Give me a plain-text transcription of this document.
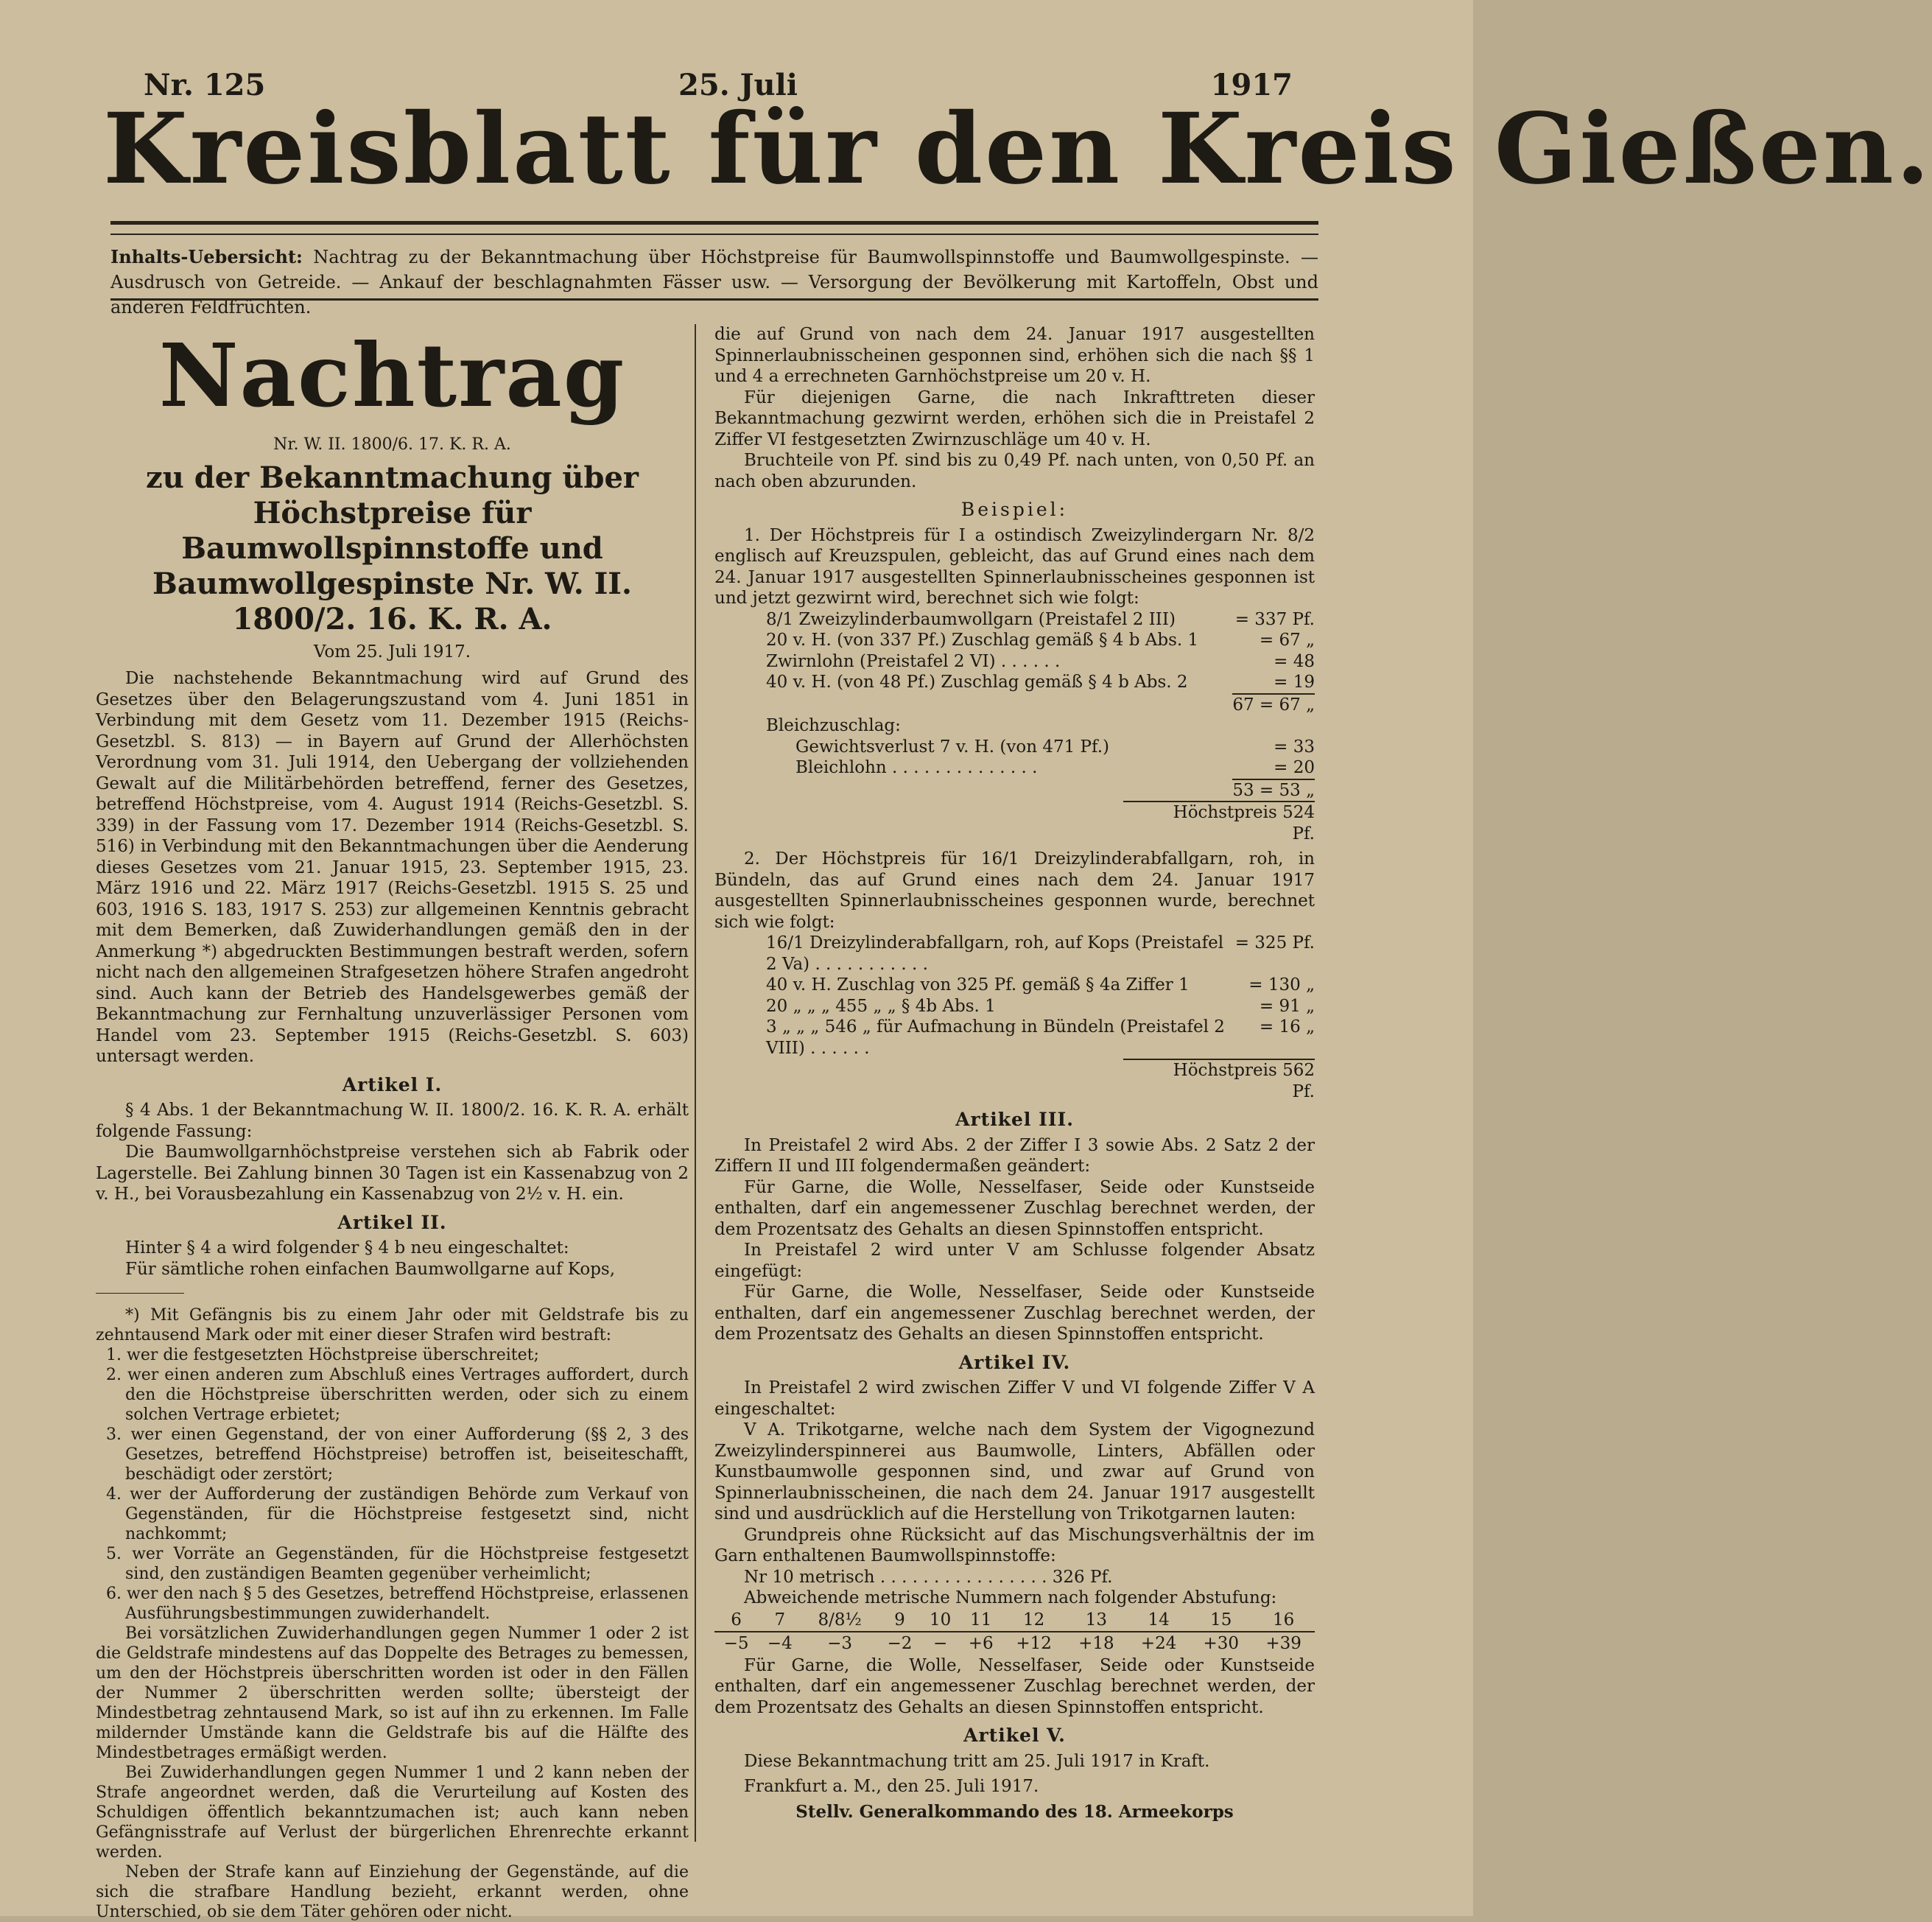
Nr. 125	25. Juli	1917
Kreisblatt für den Kreis Gießen.
Inhalts-Uebersicht: Nachtrag zu der Bekanntmachung über Höchstpreise für Baumwollspinnstoffe und Baumwollgespinste. — Ausdrusch von Getreide. — Ankauf der beschlagnahmten Fässer usw. — Versorgung der Bevölkerung mit Kartoffeln, Obst und anderen Feldfrüchten.
Nachtrag

Nr. W. II. 1800/6. 17. K. R. A.

zu der Bekanntmachung über Höchstpreise für Baumwollspinnstoffe und Baumwollgespinste Nr. W. II. 1800/2. 16. K. R. A.

Vom 25. Juli 1917.

Die nachstehende Bekanntmachung wird auf Grund des Gesetzes über den Belagerungszustand vom 4. Juni 1851 in Verbindung mit dem Gesetz vom 11. Dezember 1915 (Reichs-Gesetzbl. S. 813) — in Bayern auf Grund der Allerhöchsten Verordnung vom 31. Juli 1914, den Uebergang der vollziehenden Gewalt auf die Militärbehörden betreffend, ferner des Gesetzes, betreffend Höchstpreise, vom 4. August 1914 (Reichs-Gesetzbl. S. 339) in der Fassung vom 17. Dezember 1914 (Reichs-Gesetzbl. S. 516) in Verbindung mit den Bekanntmachungen über die Aenderung dieses Gesetzes vom 21. Januar 1915, 23. September 1915, 23. März 1916 und 22. März 1917 (Reichs-Gesetzbl. 1915 S. 25 und 603, 1916 S. 183, 1917 S. 253) zur allgemeinen Kenntnis gebracht mit dem Bemerken, daß Zuwiderhandlungen gemäß den in der Anmerkung *) abgedruckten Bestimmungen bestraft werden, sofern nicht nach den allgemeinen Strafgesetzen höhere Strafen angedroht sind. Auch kann der Betrieb des Handelsgewerbes gemäß der Bekanntmachung zur Fernhaltung unzuverlässiger Personen vom Handel vom 23. September 1915 (Reichs-Gesetzbl. S. 603) untersagt werden.

Artikel I.

§ 4 Abs. 1 der Bekanntmachung W. II. 1800/2. 16. K. R. A. erhält folgende Fassung:

Die Baumwollgarnhöchstpreise verstehen sich ab Fabrik oder Lagerstelle. Bei Zahlung binnen 30 Tagen ist ein Kassenabzug von 2 v. H., bei Vorausbezahlung ein Kassenabzug von 2½ v. H. ein.

Artikel II.

Hinter § 4 a wird folgender § 4 b neu eingeschaltet:

Für sämtliche rohen einfachen Baumwollgarne auf Kops,

*) Mit Gefängnis bis zu einem Jahr oder mit Geldstrafe bis zu zehntausend Mark oder mit einer dieser Strafen wird bestraft:

1. wer die festgesetzten Höchstpreise überschreitet;
2. wer einen anderen zum Abschluß eines Vertrages auffordert, durch den die Höchstpreise überschritten werden, oder sich zu einem solchen Vertrage erbietet;
3. wer einen Gegenstand, der von einer Aufforderung (§§ 2, 3 des Gesetzes, betreffend Höchstpreise) betroffen ist, beiseiteschafft, beschädigt oder zerstört;
4. wer der Aufforderung der zuständigen Behörde zum Verkauf von Gegenständen, für die Höchstpreise festgesetzt sind, nicht nachkommt;
5. wer Vorräte an Gegenständen, für die Höchstpreise festgesetzt sind, den zuständigen Beamten gegenüber verheimlicht;
6. wer den nach § 5 des Gesetzes, betreffend Höchstpreise, erlassenen Ausführungsbestimmungen zuwiderhandelt.

Bei vorsätzlichen Zuwiderhandlungen gegen Nummer 1 oder 2 ist die Geldstrafe mindestens auf das Doppelte des Betrages zu bemessen, um den der Höchstpreis überschritten worden ist oder in den Fällen der Nummer 2 überschritten werden sollte; übersteigt der Mindestbetrag zehntausend Mark, so ist auf ihn zu erkennen. Im Falle mildernder Umstände kann die Geldstrafe bis auf die Hälfte des Mindestbetrages ermäßigt werden.

Bei Zuwiderhandlungen gegen Nummer 1 und 2 kann neben der Strafe angeordnet werden, daß die Verurteilung auf Kosten des Schuldigen öffentlich bekanntzumachen ist; auch kann neben Gefängnisstrafe auf Verlust der bürgerlichen Ehrenrechte erkannt werden.

Neben der Strafe kann auf Einziehung der Gegenstände, auf die sich die strafbare Handlung bezieht, erkannt werden, ohne Unterschied, ob sie dem Täter gehören oder nicht.

die auf Grund von nach dem 24. Januar 1917 ausgestellten Spinnerlaubnisscheinen gesponnen sind, erhöhen sich die nach §§ 1 und 4 a errechneten Garnhöchstpreise um 20 v. H.

Für diejenigen Garne, die nach Inkrafttreten dieser Bekanntmachung gezwirnt werden, erhöhen sich die in Preistafel 2 Ziffer VI festgesetzten Zwirnzuschläge um 40 v. H.

Bruchteile von Pf. sind bis zu 0,49 Pf. nach unten, von 0,50 Pf. an nach oben abzurunden.

Beispiel:

1. Der Höchstpreis für I a ostindisch Zweizylindergarn Nr. 8/2 englisch auf Kreuzspulen, gebleicht, das auf Grund eines nach dem 24. Januar 1917 ausgestellten Spinnerlaubnisscheines gesponnen ist und jetzt gezwirnt wird, berechnet sich wie folgt:

8/1 Zweizylinderbaumwollgarn (Preistafel 2 III)	= 337 Pf.
20 v. H. (von 337 Pf.) Zuschlag gemäß § 4 b Abs. 1	= 67 „
Zwirnlohn (Preistafel 2 VI) . . . . . .	= 48
40 v. H. (von 48 Pf.) Zuschlag gemäß § 4 b Abs. 2	= 19
67 = 67 „

Bleichzuschlag:

Gewichtsverlust 7 v. H. (von 471 Pf.)	= 33
Bleichlohn . . . . . . . . . . . . . .	= 20
53 = 53 „

Höchstpreis 524 Pf.

2. Der Höchstpreis für 16/1 Dreizylinderabfallgarn, roh, in Bündeln, das auf Grund eines nach dem 24. Januar 1917 ausgestellten Spinnerlaubnisscheines gesponnen wurde, berechnet sich wie folgt:

16/1 Dreizylinderabfallgarn, roh, auf Kops (Preistafel 2 Va) . . . . . . . . . . .
= 325 Pf.
40 v. H. Zuschlag von 325 Pf. gemäß § 4a Ziffer 1	= 130 „
20 „ „ „ 455 „ „ § 4b Abs. 1	= 91 „
3 „ „ „ 546 „ für Aufmachung in Bündeln (Preistafel 2 VIII) . . . . . .
= 16 „

Höchstpreis 562 Pf.

Artikel III.

In Preistafel 2 wird Abs. 2 der Ziffer I 3 sowie Abs. 2 Satz 2 der Ziffern II und III folgendermaßen geändert:

Für Garne, die Wolle, Nesselfaser, Seide oder Kunstseide enthalten, darf ein angemessener Zuschlag berechnet werden, der dem Prozentsatz des Gehalts an diesen Spinnstoffen entspricht.

In Preistafel 2 wird unter V am Schlusse folgender Absatz eingefügt:

Für Garne, die Wolle, Nesselfaser, Seide oder Kunstseide enthalten, darf ein angemessener Zuschlag berechnet werden, der dem Prozentsatz des Gehalts an diesen Spinnstoffen entspricht.

Artikel IV.

In Preistafel 2 wird zwischen Ziffer V und VI folgende Ziffer V A eingeschaltet:

V A. Trikotgarne, welche nach dem System der Vigognezund Zweizylinderspinnerei aus Baumwolle, Linters, Abfällen oder Kunstbaumwolle gesponnen sind, und zwar auf Grund von Spinnerlaubnisscheinen, die nach dem 24. Januar 1917 ausgestellt sind und ausdrücklich auf die Herstellung von Trikotgarnen lauten:

Grundpreis ohne Rücksicht auf das Mischungsverhältnis der im Garn enthaltenen Baumwollspinnstoffe:

Nr 10 metrisch . . . . . . . . . . . . . . . . 326 Pf.

Abweichende metrische Nummern nach folgender Abstufung:

6	7	8/8½	9	10	11	12	13	14	15	16
−5	−4	−3	−2	−	+6	+12	+18	+24	+30	+39

Für Garne, die Wolle, Nesselfaser, Seide oder Kunstseide enthalten, darf ein angemessener Zuschlag berechnet werden, der dem Prozentsatz des Gehalts an diesen Spinnstoffen entspricht.

Artikel V.

Diese Bekanntmachung tritt am 25. Juli 1917 in Kraft.

Frankfurt a. M., den 25. Juli 1917.

Stellv. Generalkommando des 18. Armeekorps
